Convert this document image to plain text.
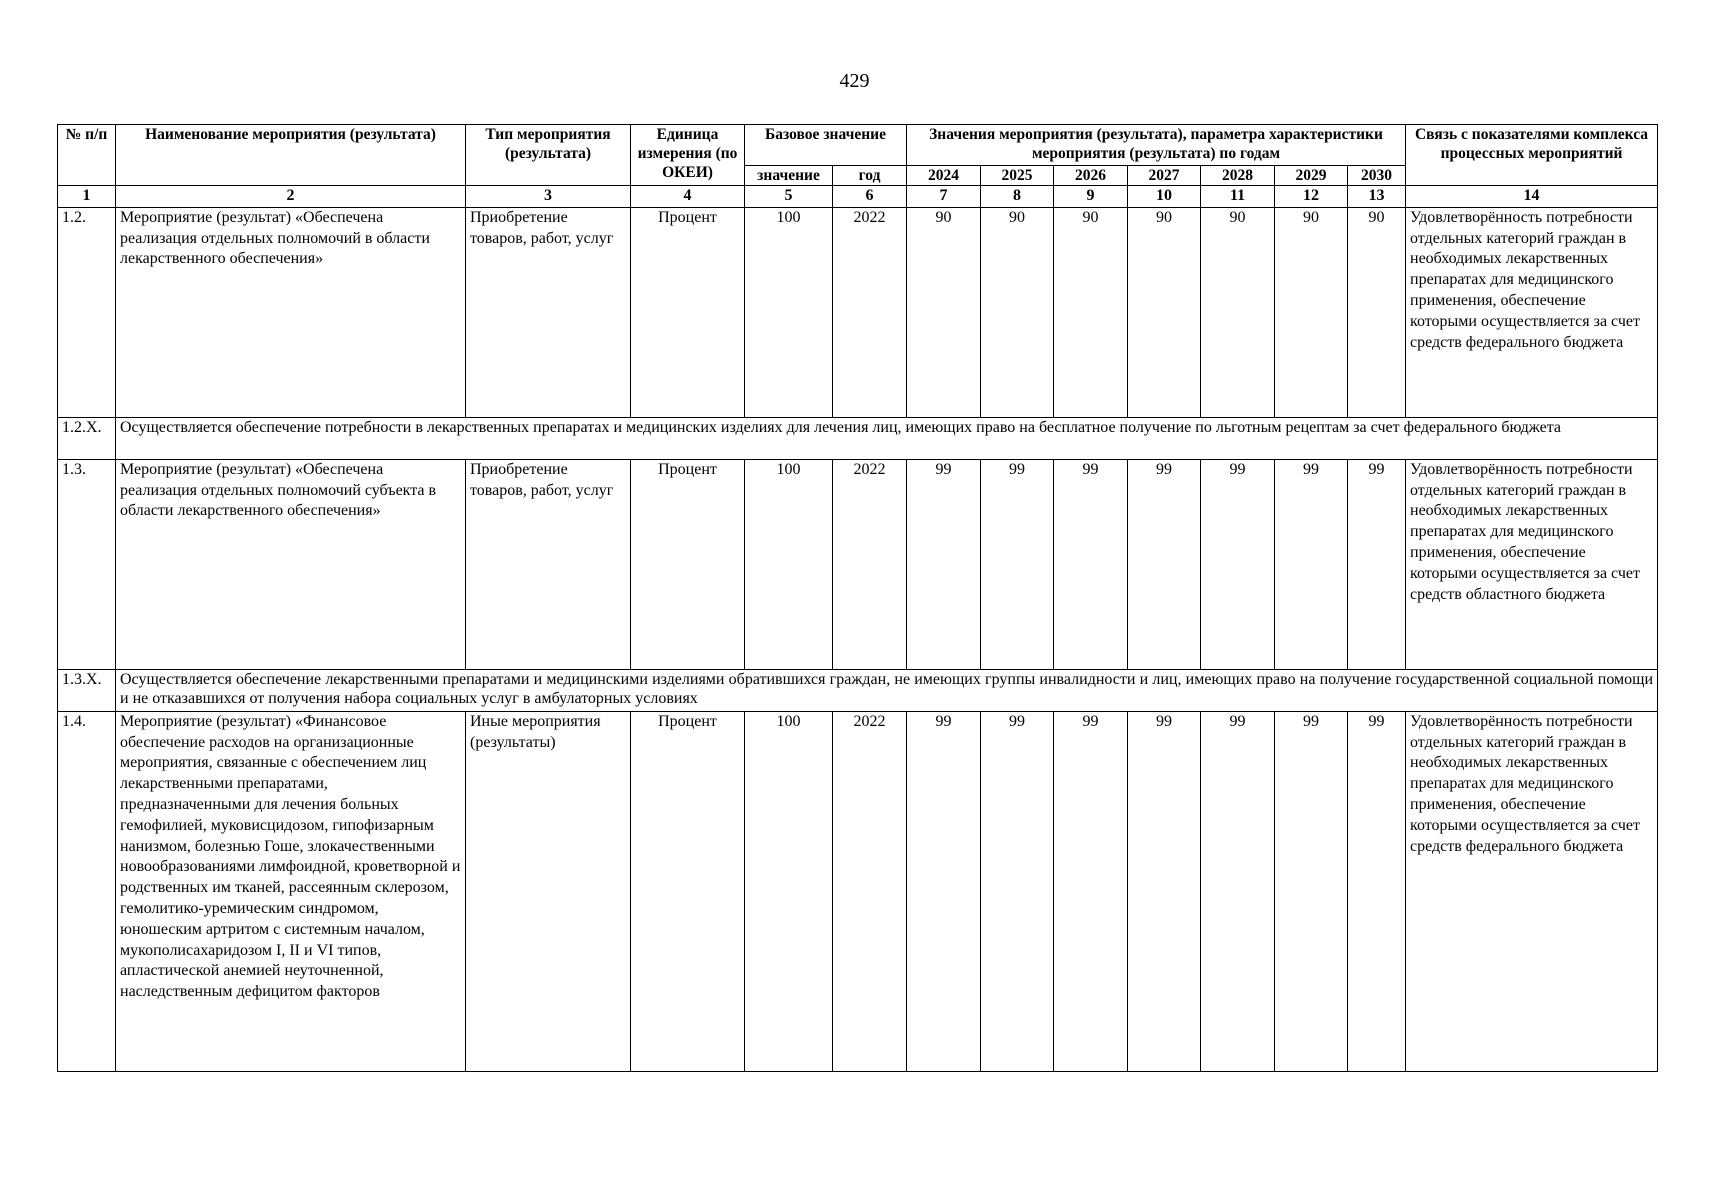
429
№ п/п	Наименование мероприятия (результата)	Тип мероприятия (результата)	Единица измерения (по ОКЕИ)	Базовое значение		Значения мероприятия (результата), параметра характеристики мероприятия (результата) по годам							Связь с показателями комплекса процессных мероприятий
				значение	год	2024	2025	2026	2027	2028	2029	2030	
1	2	3	4	5	6	7	8	9	10	11	12	13	14
1.2.	Мероприятие (результат) «Обеспечена реализация отдельных полномочий в области лекарственного обеспечения»	Приобретение товаров, работ, услуг	Процент	100	2022	90	90	90	90	90	90	90	Удовлетворённость потребности отдельных категорий граждан в необходимых лекарственных препаратах для медицинского применения, обеспечение которыми осуществляется за счет средств федерального бюджета
1.2.X.	Осуществляется обеспечение потребности в лекарственных препаратах и медицинских изделиях для лечения лиц, имеющих право на бесплатное получение по льготным рецептам за счет федерального бюджета												
1.3.	Мероприятие (результат) «Обеспечена реализация отдельных полномочий субъекта в области лекарственного обеспечения»	Приобретение товаров, работ, услуг	Процент	100	2022	99	99	99	99	99	99	99	Удовлетворённость потребности отдельных категорий граждан в необходимых лекарственных препаратах для медицинского применения, обеспечение которыми осуществляется за счет средств областного бюджета
1.3.X.	Осуществляется обеспечение лекарственными препаратами и медицинскими изделиями обратившихся граждан, не имеющих группы инвалидности и лиц, имеющих право на получение государственной социальной помощи и не отказавшихся от получения набора социальных услуг в амбулаторных условиях												
1.4.	Мероприятие (результат) «Финансовое обеспечение расходов на организационные мероприятия, связанные с обеспечением лиц лекарственными препаратами, предназначенными для лечения больных гемофилией, муковисцидозом, гипофизарным нанизмом, болезнью Гоше, злокачественными новообразованиями лимфоидной, кроветворной и родственных им тканей, рассеянным склерозом, гемолитико-уремическим синдромом, юношеским артритом с системным началом, мукополисахаридозом I, II и VI типов, апластической анемией неуточненной, наследственным дефицитом факторов	Иные мероприятия (результаты)	Процент	100	2022	99	99	99	99	99	99	99	Удовлетворённость потребности отдельных категорий граждан в необходимых лекарственных препаратах для медицинского применения, обеспечение которыми осуществляется за счет средств федерального бюджета
